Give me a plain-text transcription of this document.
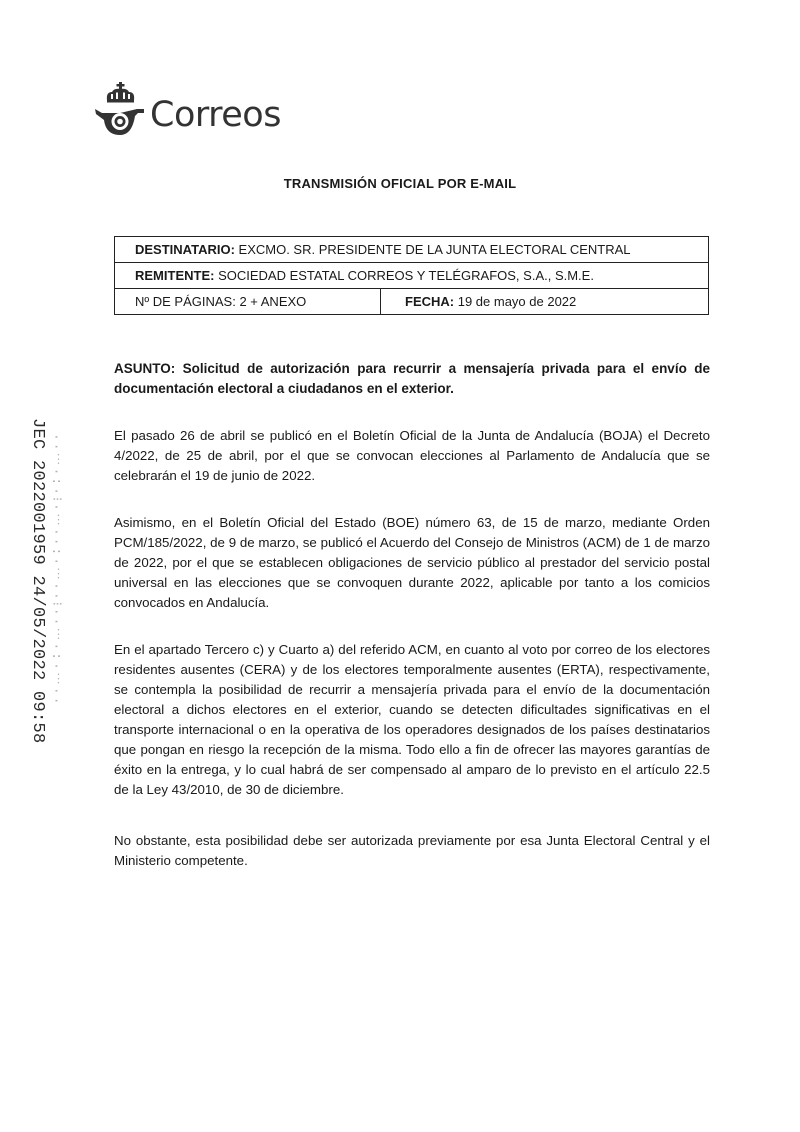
Correos
TRANSMISIÓN OFICIAL POR E-MAIL
DESTINATARIO: EXCMO. SR. PRESIDENTE DE LA JUNTA ELECTORAL CENTRAL
REMITENTE: SOCIEDAD ESTATAL CORREOS Y TELÉGRAFOS, S.A., S.M.E.
Nº DE PÁGINAS: 2 + ANEXO	FECHA: 19 de mayo de 2022
ASUNTO: Solicitud de autorización para recurrir a mensajería privada para el envío de documentación electoral a ciudadanos en el exterior.
El pasado 26 de abril se publicó en el Boletín Oficial de la Junta de Andalucía (BOJA) el Decreto 4/2022, de 25 de abril, por el que se convocan elecciones al Parlamento de Andalucía que se celebrarán el 19 de junio de 2022.
Asimismo, en el Boletín Oficial del Estado (BOE) número 63, de 15 de marzo, mediante Orden PCM/185/2022, de 9 de marzo, se publicó el Acuerdo del Consejo de Ministros (ACM) de 1 de marzo de 2022, por el que se establecen obligaciones de servicio público al prestador del servicio postal universal en las elecciones que se convoquen durante 2022, aplicable por tanto a los comicios convocados en Andalucía.
En el apartado Tercero c) y Cuarto a) del referido ACM, en cuanto al voto por correo de los electores residentes ausentes (CERA) y de los electores temporalmente ausentes (ERTA), respectivamente, se contempla la posibilidad de recurrir a mensajería privada para el envío de la documentación electoral a dichos electores en el exterior, cuando se detecten dificultades significativas en el transporte internacional o en la operativa de los operadores designados de los países destinatarios que pongan en riesgo la recepción de la misma. Todo ello a fin de ofrecer las mayores garantías de éxito en la entrega, y lo cual habrá de ser compensado al amparo de lo previsto en el artículo 22.5 de la Ley 43/2010, de 30 de diciembre.
No obstante, esta posibilidad debe ser autorizada previamente por esa Junta Electoral Central y el Ministerio competente.
JEC 2022001959 24/05/2022 09:58 ··︙·:·⁝·︙··:·︙··⁝··︙·:·︙··
